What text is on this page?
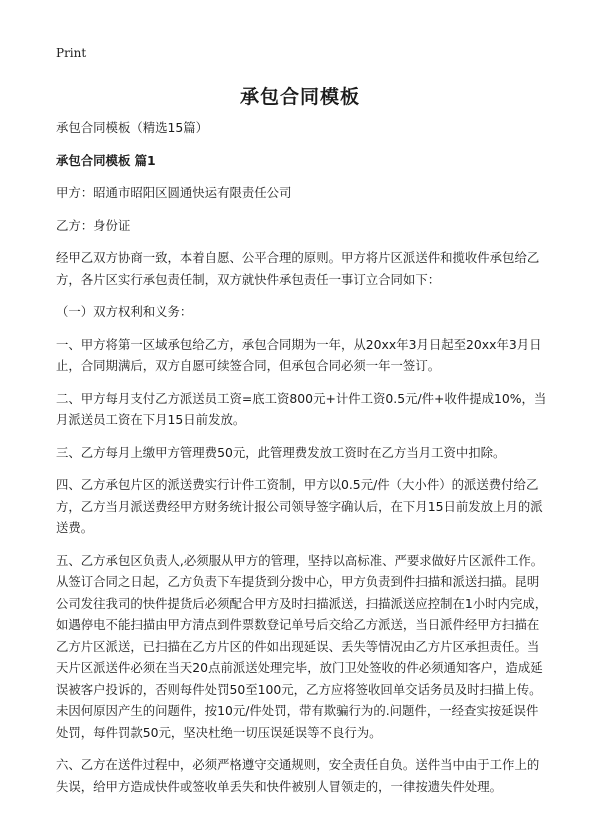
Print
承包合同模板

承包合同模板（精选15篇）

承包合同模板 篇1

甲方：昭通市昭阳区圆通快运有限责任公司

乙方：身份证

经甲乙双方协商一致，本着自愿、公平合理的原则。甲方将片区派送件和揽收件承包给乙方，各片区实行承包责任制，双方就快件承包责任一事订立合同如下：

（一）双方权利和义务：

一、甲方将第一区域承包给乙方，承包合同期为一年，从20xx年3月日起至20xx年3月日止，合同期满后，双方自愿可续签合同，但承包合同必须一年一签订。

二、甲方每月支付乙方派送员工资=底工资800元+计件工资0.5元/件+收件提成10%，当月派送员工资在下月15日前发放。

三、乙方每月上缴甲方管理费50元，此管理费发放工资时在乙方当月工资中扣除。

四、乙方承包片区的派送费实行计件工资制，甲方以0.5元/件（大小件）的派送费付给乙方，乙方当月派送费经甲方财务统计报公司领导签字确认后，在下月15日前发放上月的派送费。

五、乙方承包区负责人,必须服从甲方的管理，坚持以高标准、严要求做好片区派件工作。从签订合同之日起，乙方负责下车提货到分拨中心，甲方负责到件扫描和派送扫描。昆明公司发往我司的快件提货后必须配合甲方及时扫描派送，扫描派送应控制在1小时内完成，如遇停电不能扫描由甲方清点到件票数登记单号后交给乙方派送，当日派件经甲方扫描在乙方片区派送，已扫描在乙方片区的件如出现延误、丢失等情况由乙方片区承担责任。当天片区派送件必须在当天20点前派送处理完毕，放门卫处签收的件必须通知客户，造成延误被客户投诉的，否则每件处罚50至100元，乙方应将签收回单交话务员及时扫描上传。未因何原因产生的问题件，按10元/件处罚，带有欺骗行为的.问题件，一经查实按延误件处罚，每件罚款50元，坚决杜绝一切压误延误等不良行为。

六、乙方在送件过程中，必须严格遵守交通规则，安全责任自负。送件当中由于工作上的失误，给甲方造成快件或签收单丢失和快件被别人冒领走的，一律按遗失件处理。
